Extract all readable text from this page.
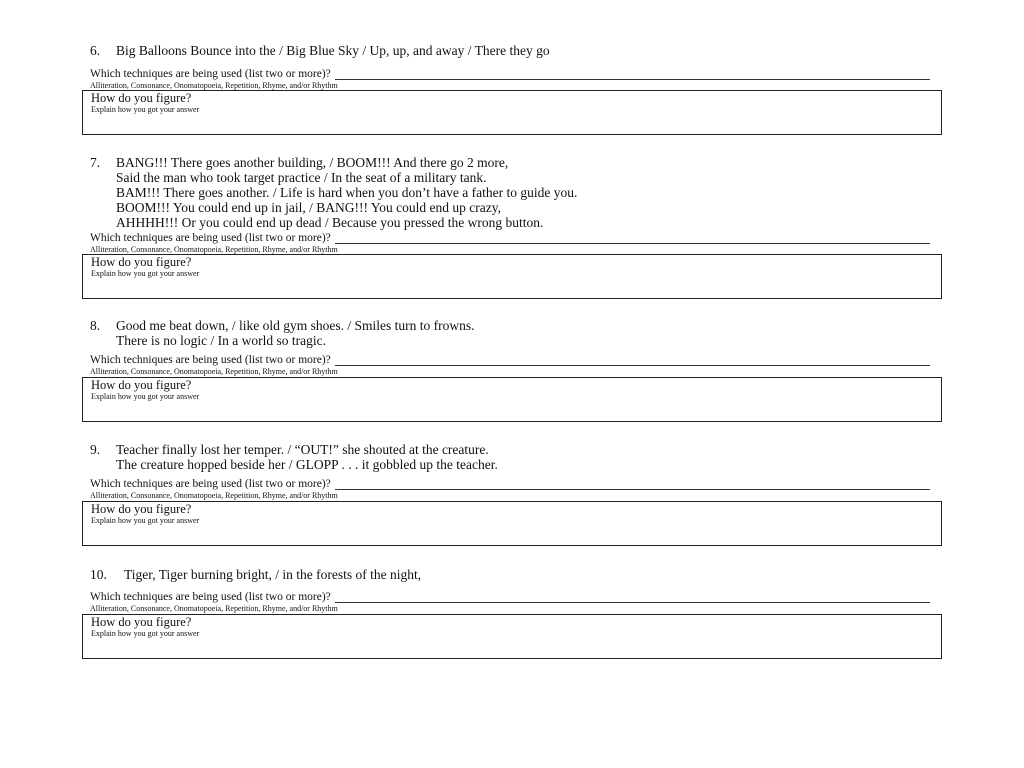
6. Big Balloons Bounce into the / Big Blue Sky / Up, up, and away / There they go
Which techniques are being used (list two or more)?
Alliteration, Consonance, Onomatopoeia, Repetition, Rhyme, and/or Rhythm
How do you figure?
Explain how you got your answer
7. BANG!!! There goes another building, / BOOM!!! And there go 2 more,
Said the man who took target practice / In the seat of a military tank.
BAM!!! There goes another. / Life is hard when you don’t have a father to guide you.
BOOM!!! You could end up in jail, / BANG!!! You could end up crazy,
AHHHH!!! Or you could end up dead / Because you pressed the wrong button.
Which techniques are being used (list two or more)?
Alliteration, Consonance, Onomatopoeia, Repetition, Rhyme, and/or Rhythm
How do you figure?
Explain how you got your answer
8. Good me beat down, / like old gym shoes. / Smiles turn to frowns.
There is no logic / In a world so tragic.
Which techniques are being used (list two or more)?
Alliteration, Consonance, Onomatopoeia, Repetition, Rhyme, and/or Rhythm
How do you figure?
Explain how you got your answer
9. Teacher finally lost her temper. / “OUT!” she shouted at the creature.
The creature hopped beside her / GLOPP . . . it gobbled up the teacher.
Which techniques are being used (list two or more)?
Alliteration, Consonance, Onomatopoeia, Repetition, Rhyme, and/or Rhythm
How do you figure?
Explain how you got your answer
10. Tiger, Tiger burning bright, / in the forests of the night,
Which techniques are being used (list two or more)?
Alliteration, Consonance, Onomatopoeia, Repetition, Rhyme, and/or Rhythm
How do you figure?
Explain how you got your answer
